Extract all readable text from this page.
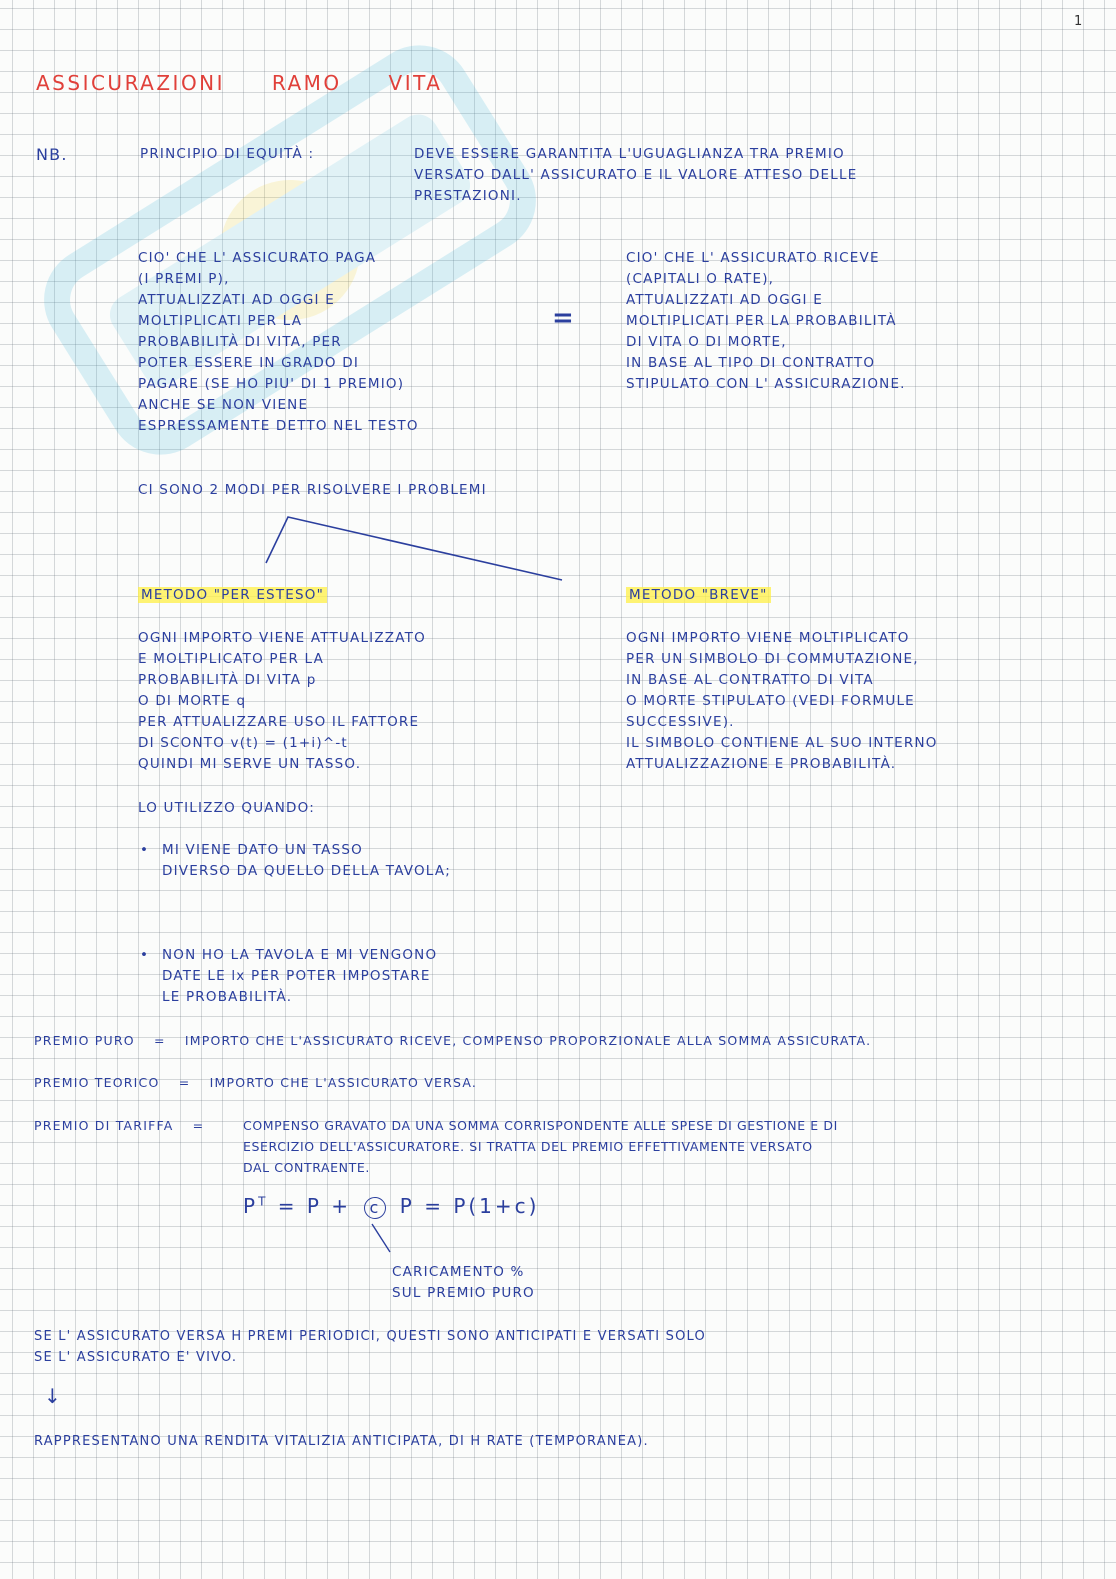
1
ASSICURAZIONI RAMO VITA
NB.	PRINCIPIO DI EQUITÀ :	DEVE ESSERE GARANTITA L'UGUAGLIANZA TRA PREMIO
VERSATO DALL' ASSICURATO E IL VALORE ATTESO DELLE
PRESTAZIONI.
CIO' CHE L' ASSICURATO PAGA
(I PREMI P),
ATTUALIZZATI AD OGGI E
MOLTIPLICATI PER LA
PROBABILITÀ DI VITA, PER
POTER ESSERE IN GRADO DI
PAGARE (SE HO PIU' DI 1 PREMIO)
ANCHE SE NON VIENE
ESPRESSAMENTE DETTO NEL TESTO
=
CIO' CHE L' ASSICURATO RICEVE
(CAPITALI O RATE),
ATTUALIZZATI AD OGGI E
MOLTIPLICATI PER LA PROBABILITÀ
DI VITA O DI MORTE,
IN BASE AL TIPO DI CONTRATTO
STIPULATO CON L' ASSICURAZIONE.
CI SONO 2 MODI PER RISOLVERE I PROBLEMI
METODO "PER ESTESO"
OGNI IMPORTO VIENE ATTUALIZZATO
E MOLTIPLICATO PER LA
PROBABILITÀ DI VITA p
O DI MORTE q
PER ATTUALIZZARE USO IL FATTORE
DI SCONTO v(t) = (1+i)^-t
QUINDI MI SERVE UN TASSO.
LO UTILIZZO QUANDO:
• MI VIENE DATO UN TASSO
DIVERSO DA QUELLO DELLA TAVOLA;
• NON HO LA TAVOLA E MI VENGONO
DATE LE lx PER POTER IMPOSTARE
LE PROBABILITÀ.
METODO "BREVE"
OGNI IMPORTO VIENE MOLTIPLICATO
PER UN SIMBOLO DI COMMUTAZIONE,
IN BASE AL CONTRATTO DI VITA
O MORTE STIPULATO (VEDI FORMULE
SUCCESSIVE).
IL SIMBOLO CONTIENE AL SUO INTERNO
ATTUALIZZAZIONE E PROBABILITÀ.
PREMIO PURO = IMPORTO CHE L'ASSICURATO RICEVE, COMPENSO PROPORZIONALE ALLA SOMMA ASSICURATA.
PREMIO TEORICO = IMPORTO CHE L'ASSICURATO VERSA.
PREMIO DI TARIFFA =	COMPENSO GRAVATO DA UNA SOMMA CORRISPONDENTE ALLE SPESE DI GESTIONE E DI
ESERCIZIO DELL'ASSICURATORE. SI TRATTA DEL PREMIO EFFETTIVAMENTE VERSATO
DAL CONTRAENTE.
$P^T = P + c$ P = P(1+c)
CARICAMENTO %
SUL PREMIO PURO
SE L' ASSICURATO VERSA H PREMI PERIODICI, QUESTI SONO ANTICIPATI E VERSATI SOLO
SE L' ASSICURATO E' VIVO.
↓
RAPPRESENTANO UNA RENDITA VITALIZIA ANTICIPATA, DI H RATE (TEMPORANEA).
